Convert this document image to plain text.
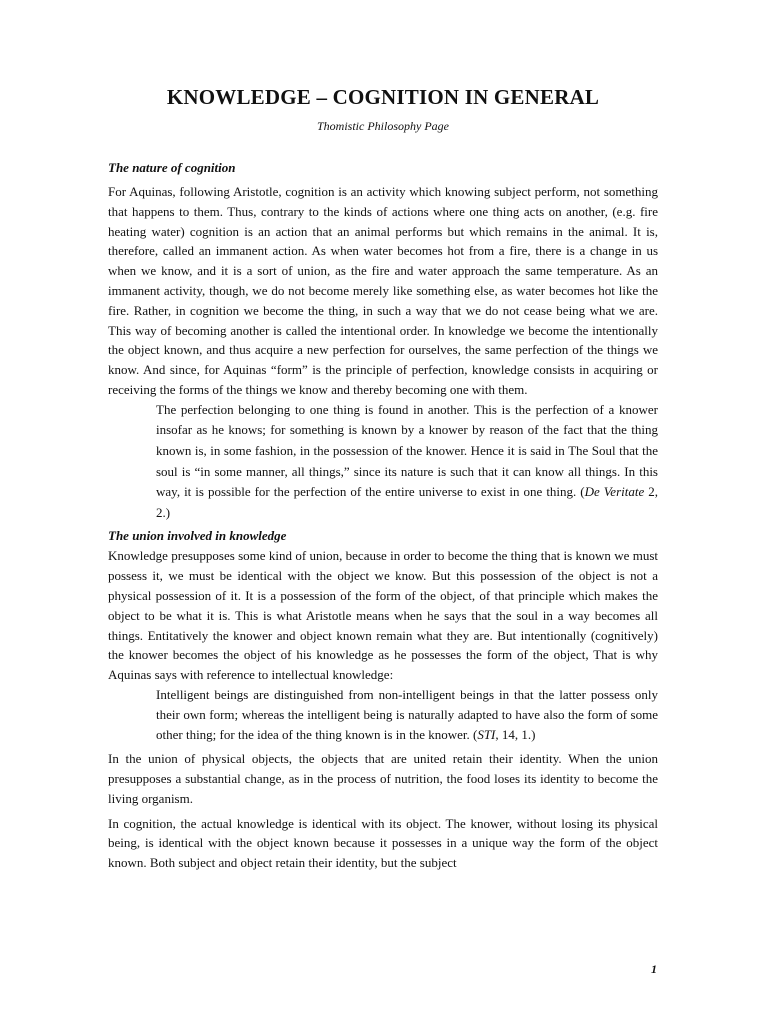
KNOWLEDGE – COGNITION IN GENERAL
Thomistic Philosophy Page
The nature of cognition

For Aquinas, following Aristotle, cognition is an activity which knowing subject perform, not something that happens to them. Thus, contrary to the kinds of actions where one thing acts on another, (e.g. fire heating water) cognition is an action that an animal performs but which remains in the animal. It is, therefore, called an immanent action. As when water becomes hot from a fire, there is a change in us when we know, and it is a sort of union, as the fire and water approach the same temperature. As an immanent activity, though, we do not become merely like something else, as water becomes hot like the fire. Rather, in cognition we become the thing, in such a way that we do not cease being what we are. This way of becoming another is called the intentional order. In knowledge we become the intentionally the object known, and thus acquire a new perfection for ourselves, the same perfection of the things we know. And since, for Aquinas “form” is the principle of perfection, knowledge consists in acquiring or receiving the forms of the things we know and thereby becoming one with them.

The perfection belonging to one thing is found in another. This is the perfection of a knower insofar as he knows; for something is known by a knower by reason of the fact that the thing known is, in some fashion, in the possession of the knower. Hence it is said in The Soul that the soul is “in some manner, all things,” since its nature is such that it can know all things. In this way, it is possible for the perfection of the entire universe to exist in one thing. (De Veritate 2, 2.)
The union involved in knowledge

Knowledge presupposes some kind of union, because in order to become the thing that is known we must possess it, we must be identical with the object we know. But this possession of the object is not a physical possession of it. It is a possession of the form of the object, of that principle which makes the object to be what it is. This is what Aristotle means when he says that the soul in a way becomes all things. Entitatively the knower and object known remain what they are. But intentionally (cognitively) the knower becomes the object of his knowledge as he possesses the form of the object, That is why Aquinas says with reference to intellectual knowledge:

Intelligent beings are distinguished from non-intelligent beings in that the latter possess only their own form; whereas the intelligent being is naturally adapted to have also the form of some other thing; for the idea of the thing known is in the knower. (STI, 14, 1.)

In the union of physical objects, the objects that are united retain their identity. When the union presupposes a substantial change, as in the process of nutrition, the food loses its identity to become the living organism.

In cognition, the actual knowledge is identical with its object. The knower, without losing its physical being, is identical with the object known because it possesses in a unique way the form of the object known. Both subject and object retain their identity, but the subject

1
